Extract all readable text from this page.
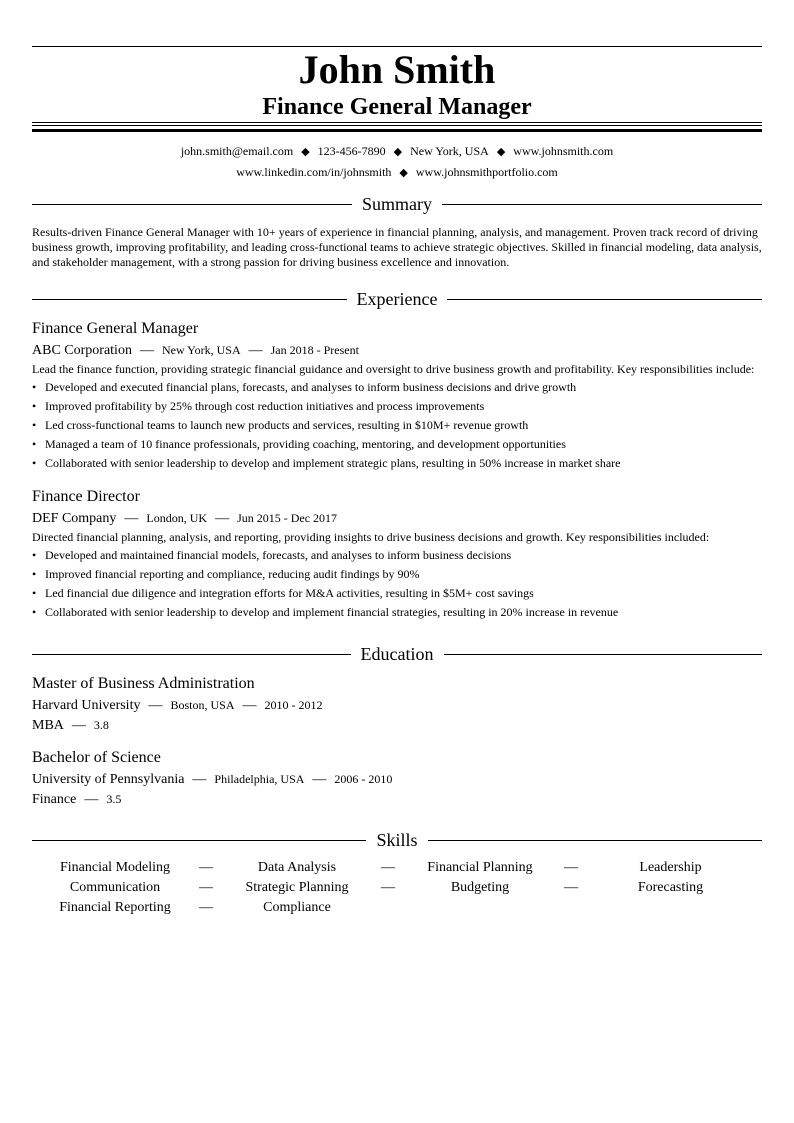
John Smith
Finance General Manager
john.smith@email.com ◆ 123-456-7890 ◆ New York, USA ◆ www.johnsmith.com
www.linkedin.com/in/johnsmith ◆ www.johnsmithportfolio.com
Summary
Results-driven Finance General Manager with 10+ years of experience in financial planning, analysis, and management. Proven track record of driving business growth, improving profitability, and leading cross-functional teams to achieve strategic objectives. Skilled in financial modeling, data analysis, and stakeholder management, with a strong passion for driving business excellence and innovation.
Experience
Finance General Manager
ABC Corporation — New York, USA — Jan 2018 - Present
Lead the finance function, providing strategic financial guidance and oversight to drive business growth and profitability. Key responsibilities include:
• Developed and executed financial plans, forecasts, and analyses to inform business decisions and drive growth
• Improved profitability by 25% through cost reduction initiatives and process improvements
• Led cross-functional teams to launch new products and services, resulting in $10M+ revenue growth
• Managed a team of 10 finance professionals, providing coaching, mentoring, and development opportunities
• Collaborated with senior leadership to develop and implement strategic plans, resulting in 50% increase in market share
Finance Director
DEF Company — London, UK — Jun 2015 - Dec 2017
Directed financial planning, analysis, and reporting, providing insights to drive business decisions and growth. Key responsibilities included:
• Developed and maintained financial models, forecasts, and analyses to inform business decisions
• Improved financial reporting and compliance, reducing audit findings by 90%
• Led financial due diligence and integration efforts for M&A activities, resulting in $5M+ cost savings
• Collaborated with senior leadership to develop and implement financial strategies, resulting in 20% increase in revenue
Education
Master of Business Administration
Harvard University — Boston, USA — 2010 - 2012
MBA — 3.8
Bachelor of Science
University of Pennsylvania — Philadelphia, USA — 2006 - 2010
Finance — 3.5
Skills
Financial Modeling	—	Data Analysis	—	Financial Planning	—	Leadership
Communication	—	Strategic Planning	—	Budgeting	—	Forecasting
Financial Reporting	—	Compliance
